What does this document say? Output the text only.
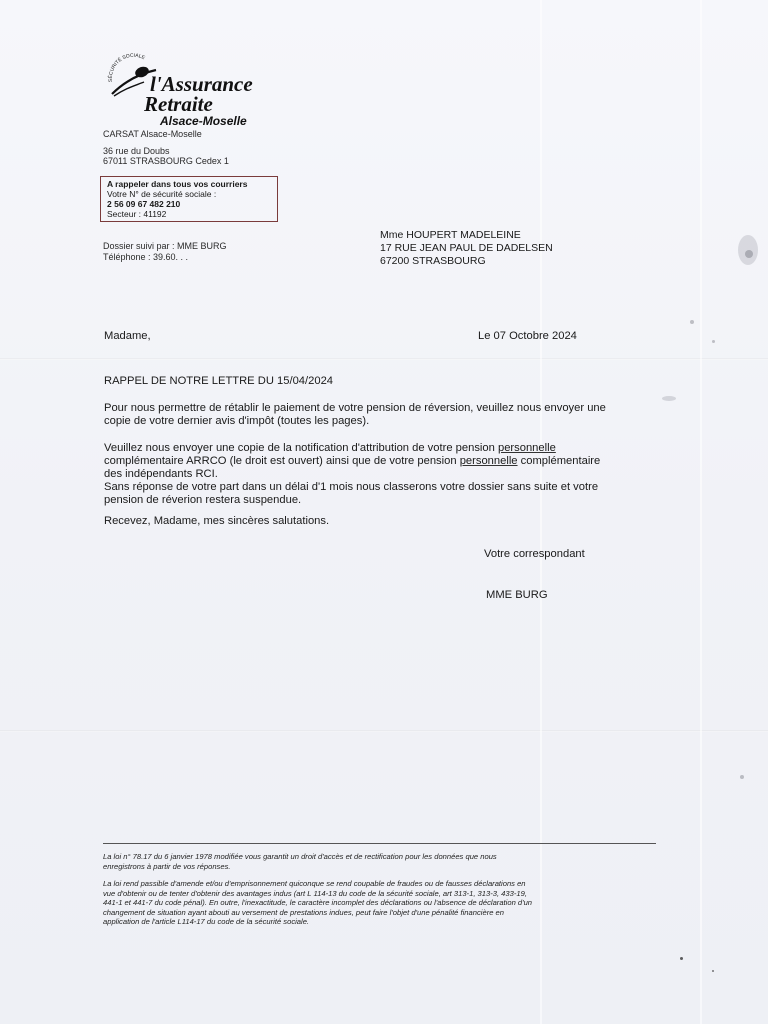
SÉCURITÉ SOCIALE
l'Assurance
Retraite
Alsace-Moselle
CARSAT Alsace-Moselle
36 rue du Doubs
67011 STRASBOURG Cedex 1
A rappeler dans tous vos courriers
Votre N° de sécurité sociale :
2 56 09 67 482 210
Secteur : 41192
Dossier suivi par : MME BURG
Téléphone : 39.60. . .
Mme HOUPERT MADELEINE
17 RUE JEAN PAUL DE DADELSEN
67200 STRASBOURG
Madame,	Le 07 Octobre 2024
RAPPEL DE NOTRE LETTRE DU 15/04/2024
Pour nous permettre de rétablir le paiement de votre pension de réversion, veuillez nous envoyer une
copie de votre dernier avis d'impôt (toutes les pages).
Veuillez nous envoyer une copie de la notification d'attribution de votre pension personnelle
complémentaire ARRCO (le droit est ouvert) ainsi que de votre pension personnelle complémentaire
des indépendants RCI.
Sans réponse de votre part dans un délai d'1 mois nous classerons votre dossier sans suite et votre
pension de réverion restera suspendue.
Recevez, Madame, mes sincères salutations.
Votre correspondant
MME BURG
La loi n° 78.17 du 6 janvier 1978 modifiée vous garantit un droit d'accès et de rectification pour les données que nous
enregistrons à partir de vos réponses.
La loi rend passible d'amende et/ou d'emprisonnement quiconque se rend coupable de fraudes ou de fausses déclarations en
vue d'obtenir ou de tenter d'obtenir des avantages indus (art L 114-13 du code de la sécurité sociale, art 313-1, 313-3, 433-19,
441-1 et 441-7 du code pénal). En outre, l'inexactitude, le caractère incomplet des déclarations ou l'absence de déclaration d'un
changement de situation ayant abouti au versement de prestations indues, peut faire l'objet d'une pénalité financière en
application de l'article L114-17 du code de la sécurité sociale.
